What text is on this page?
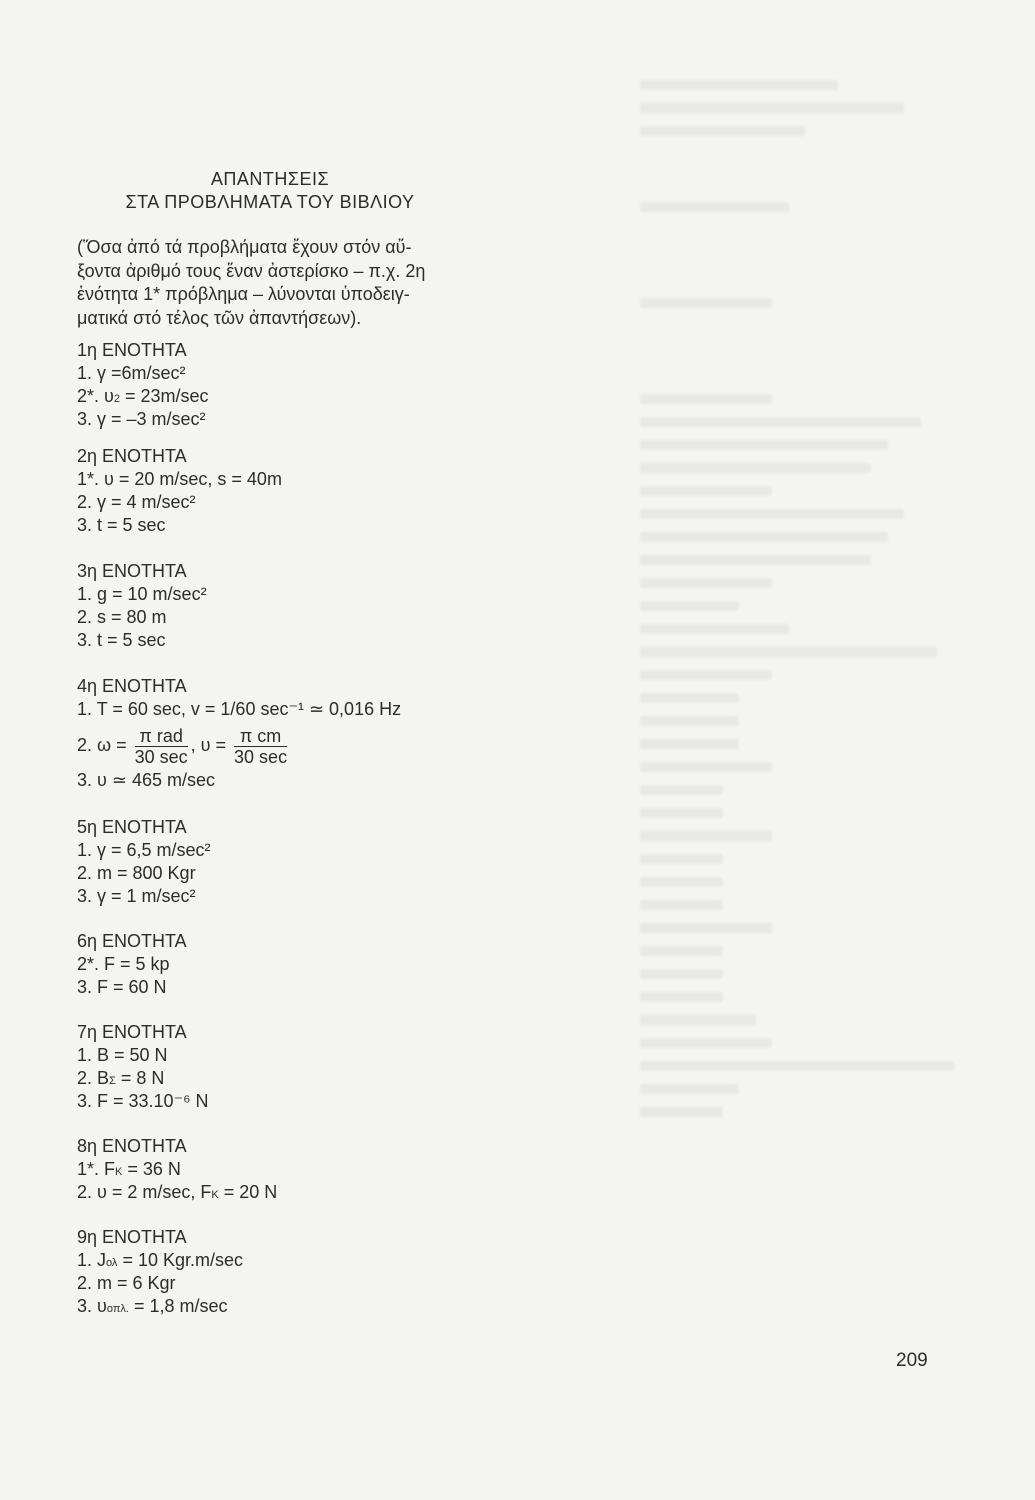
ΑΠΑΝΤΗΣΕΙΣ
ΣΤΑ ΠΡΟΒΛΗΜΑΤΑ ΤΟΥ ΒΙΒΛΙΟΥ
(Ὅσα ἀπό τά προβλήματα ἔχουν στόν αὔ-
ξοντα ἀριθμό τους ἕναν ἀστερίσκο – π.χ. 2η
ἑνότητα 1* πρόβλημα – λύνονται ὑποδειγ-
ματικά στό τέλος τῶν ἀπαντήσεων).
1η ΕΝΟΤΗΤΑ
1. γ =6m/sec²
2*. υ2 = 23m/sec
3. γ = –3 m/sec²
2η ΕΝΟΤΗΤΑ
1*. υ = 20 m/sec, s = 40m
2. γ = 4 m/sec²
3. t = 5 sec
3η ΕΝΟΤΗΤΑ
1. g = 10 m/sec²
2. s = 80 m
3. t = 5 sec
4η ΕΝΟΤΗΤΑ
1. T = 60 sec, v = 1/60 sec⁻¹ ≃ 0,016 Hz
2. $\omega = \frac{\text{π rad}}{30 \sec}$ , $\upsilon = \frac{\text{π cm}}{30 \sec}$
3. υ ≃ 465 m/sec
5η ΕΝΟΤΗΤΑ
1. γ = 6,5 m/sec²
2. m = 800 Kgr
3. γ = 1 m/sec²
6η ΕΝΟΤΗΤΑ
2*. F = 5 kp
3. F = 60 N
7η ΕΝΟΤΗΤΑ
1. B = 50 N
2. BΣ = 8 N
3. F = 33.10⁻⁶ N
8η ΕΝΟΤΗΤΑ
1*. FK = 36 N
2. υ = 2 m/sec, FK = 20 N
9η ΕΝΟΤΗΤΑ
1. Jολ = 10 Kgr.m/sec
2. m = 6 Kgr
3. υοπλ. = 1,8 m/sec
209
